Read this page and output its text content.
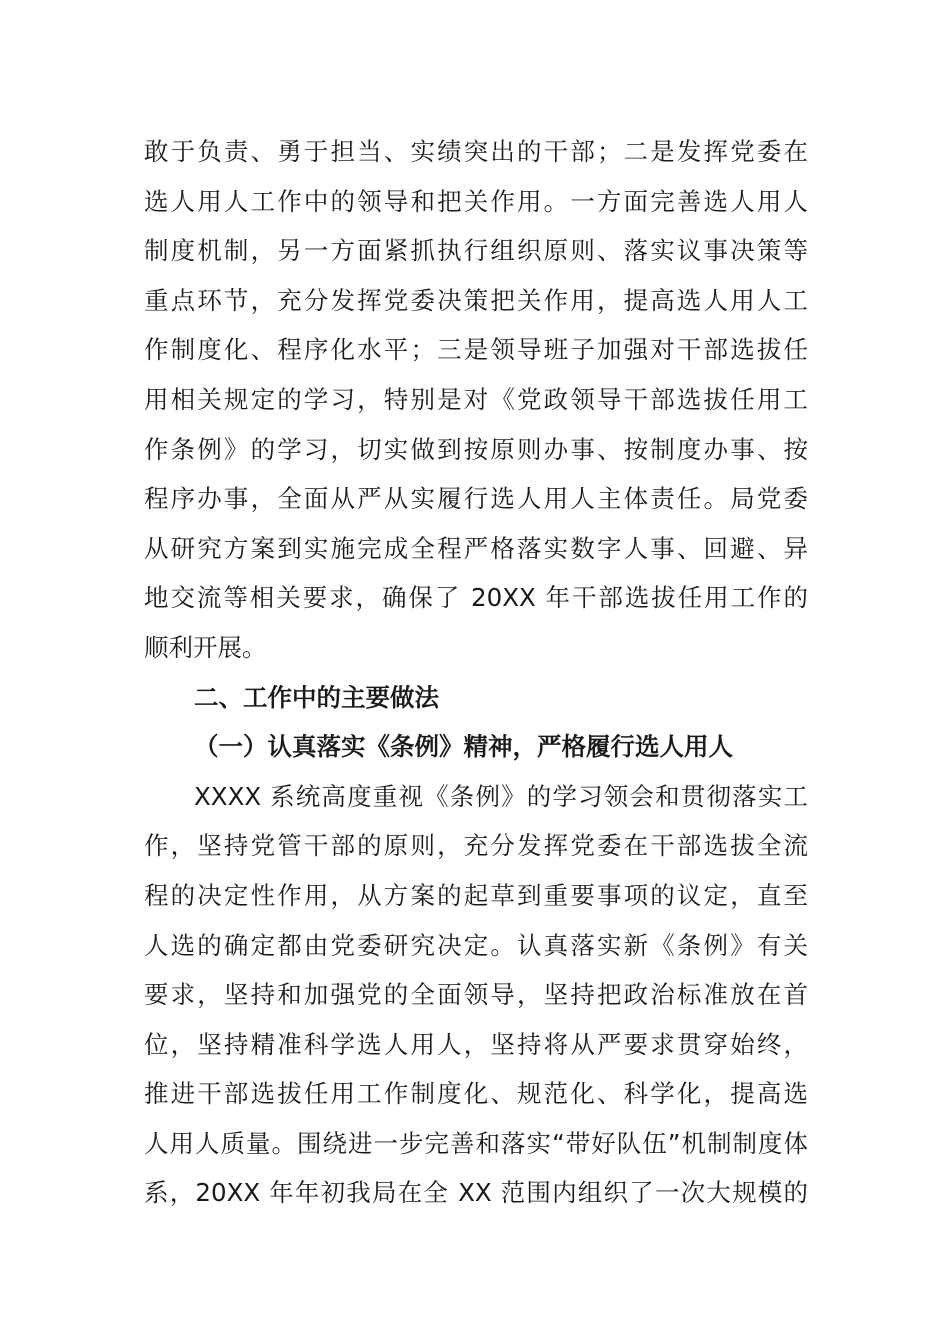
敢于负责、勇于担当、实绩突出的干部；二是发挥党委在
选人用人工作中的领导和把关作用。一方面完善选人用人
制度机制，另一方面紧抓执行组织原则、落实议事决策等
重点环节，充分发挥党委决策把关作用，提高选人用人工
作制度化、程序化水平；三是领导班子加强对干部选拔任
用相关规定的学习，特别是对《党政领导干部选拔任用工
作条例》的学习，切实做到按原则办事、按制度办事、按
程序办事，全面从严从实履行选人用人主体责任。局党委
从研究方案到实施完成全程严格落实数字人事、回避、异
地交流等相关要求，确保了 20XX 年干部选拔任用工作的
顺利开展。
二、工作中的主要做法
（一）认真落实《条例》精神，严格履行选人用人
XXXX 系统高度重视《条例》的学习领会和贯彻落实工
作，坚持党管干部的原则，充分发挥党委在干部选拔全流
程的决定性作用，从方案的起草到重要事项的议定，直至
人选的确定都由党委研究决定。认真落实新《条例》有关
要求，坚持和加强党的全面领导，坚持把政治标准放在首
位，坚持精准科学选人用人，坚持将从严要求贯穿始终，
推进干部选拔任用工作制度化、规范化、科学化，提高选
人用人质量。围绕进一步完善和落实“带好队伍”机制制度体
系，20XX 年年初我局在全 XX 范围内组织了一次大规模的
